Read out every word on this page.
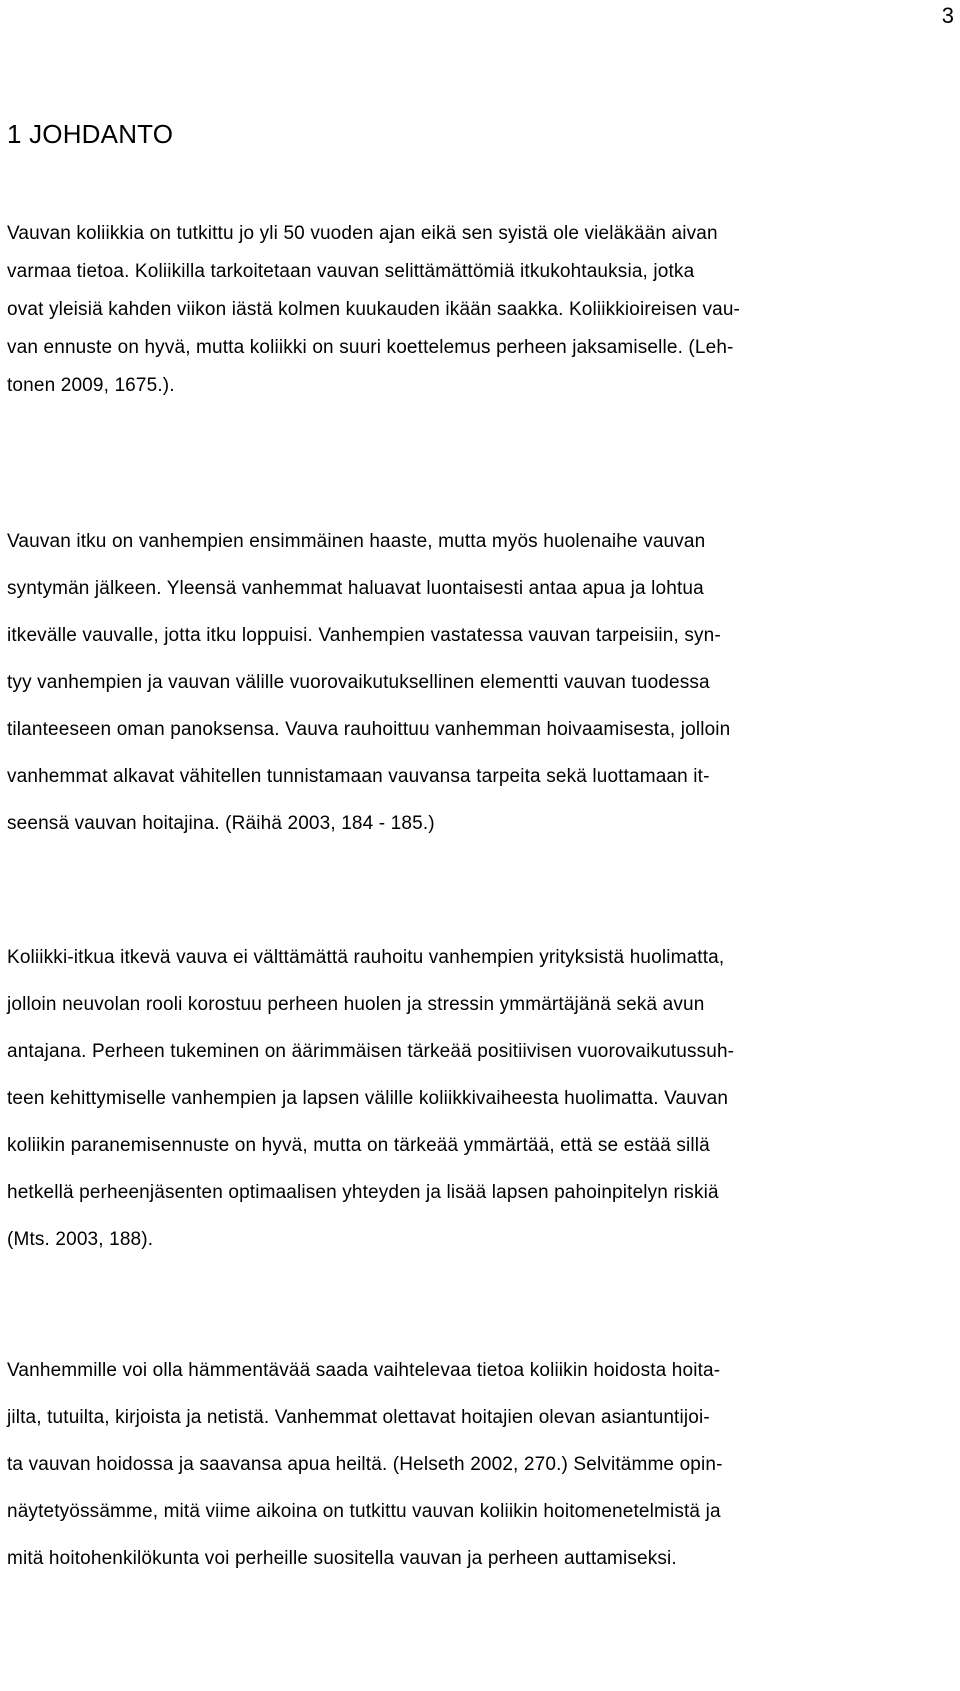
3
1 JOHDANTO

Vauvan koliikkia on tutkittu jo yli 50 vuoden ajan eikä sen syistä ole vieläkään aivan
varmaa tietoa. Koliikilla tarkoitetaan vauvan selittämättömiä itkukohtauksia, jotka
ovat yleisiä kahden viikon iästä kolmen kuukauden ikään saakka. Koliikkioireisen vau-
van ennuste on hyvä, mutta koliikki on suuri koettelemus perheen jaksamiselle. (Leh-
tonen 2009, 1675.).

Vauvan itku on vanhempien ensimmäinen haaste, mutta myös huolenaihe vauvan
syntymän jälkeen. Yleensä vanhemmat haluavat luontaisesti antaa apua ja lohtua
itkevälle vauvalle, jotta itku loppuisi. Vanhempien vastatessa vauvan tarpeisiin, syn-
tyy vanhempien ja vauvan välille vuorovaikutuksellinen elementti vauvan tuodessa
tilanteeseen oman panoksensa. Vauva rauhoittuu vanhemman hoivaamisesta, jolloin
vanhemmat alkavat vähitellen tunnistamaan vauvansa tarpeita sekä luottamaan it-
seensä vauvan hoitajina. (Räihä 2003, 184 - 185.)

Koliikki-itkua itkevä vauva ei välttämättä rauhoitu vanhempien yrityksistä huolimatta,
jolloin neuvolan rooli korostuu perheen huolen ja stressin ymmärtäjänä sekä avun
antajana. Perheen tukeminen on äärimmäisen tärkeää positiivisen vuorovaikutussuh-
teen kehittymiselle vanhempien ja lapsen välille koliikkivaiheesta huolimatta. Vauvan
koliikin paranemisennuste on hyvä, mutta on tärkeää ymmärtää, että se estää sillä
hetkellä perheenjäsenten optimaalisen yhteyden ja lisää lapsen pahoinpitelyn riskiä
(Mts. 2003, 188).

Vanhemmille voi olla hämmentävää saada vaihtelevaa tietoa koliikin hoidosta hoita-
jilta, tutuilta, kirjoista ja netistä. Vanhemmat olettavat hoitajien olevan asiantuntijoi-
ta vauvan hoidossa ja saavansa apua heiltä. (Helseth 2002, 270.) Selvitämme opin-
näytetyössämme, mitä viime aikoina on tutkittu vauvan koliikin hoitomenetelmistä ja
mitä hoitohenkilökunta voi perheille suositella vauvan ja perheen auttamiseksi.
